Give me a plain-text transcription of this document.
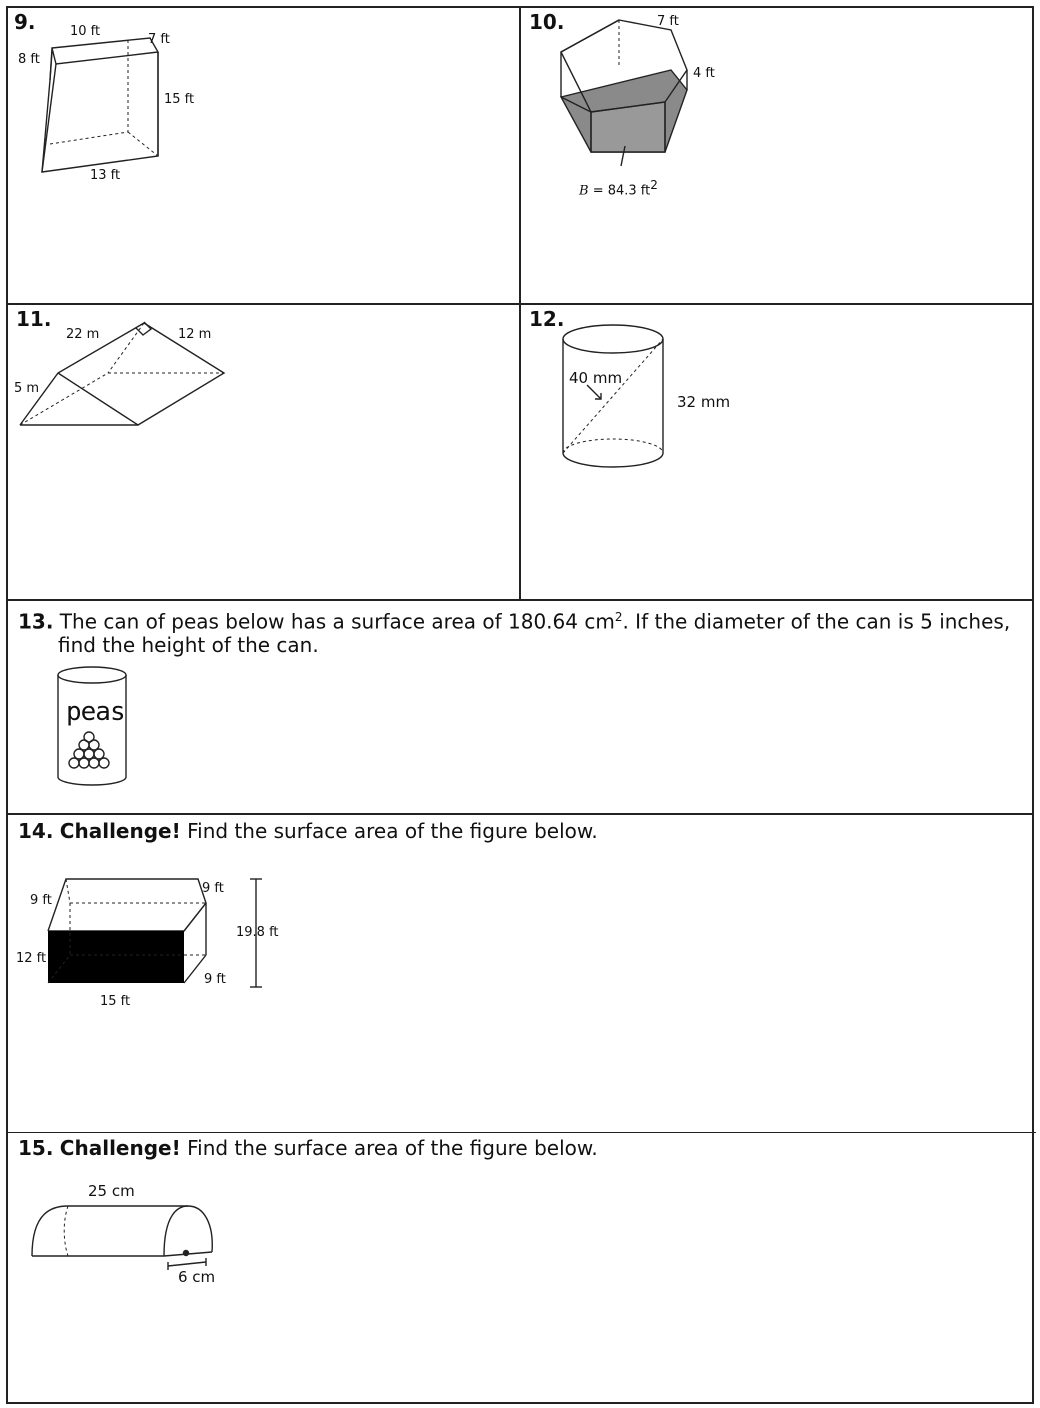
9.	10 ft
7 ft
8 ft
15 ft
13 ft
10.	7 ft
4 ft
B = 84.3 $ft^2$
11.
22 m	12 m
5 m
12.
40 mm
32 mm
13. The can of peas below has a surface area of 180.64 $cm^2$. If the diameter of the can is 5 inches,
find the height of the can.
peas
14. Challenge! Find the surface area of the figure below.
9 ft
9 ft
9 ft
12 ft
15 ft
19.8 ft
15. Challenge! Find the surface area of the figure below.
25 cm
6 cm
